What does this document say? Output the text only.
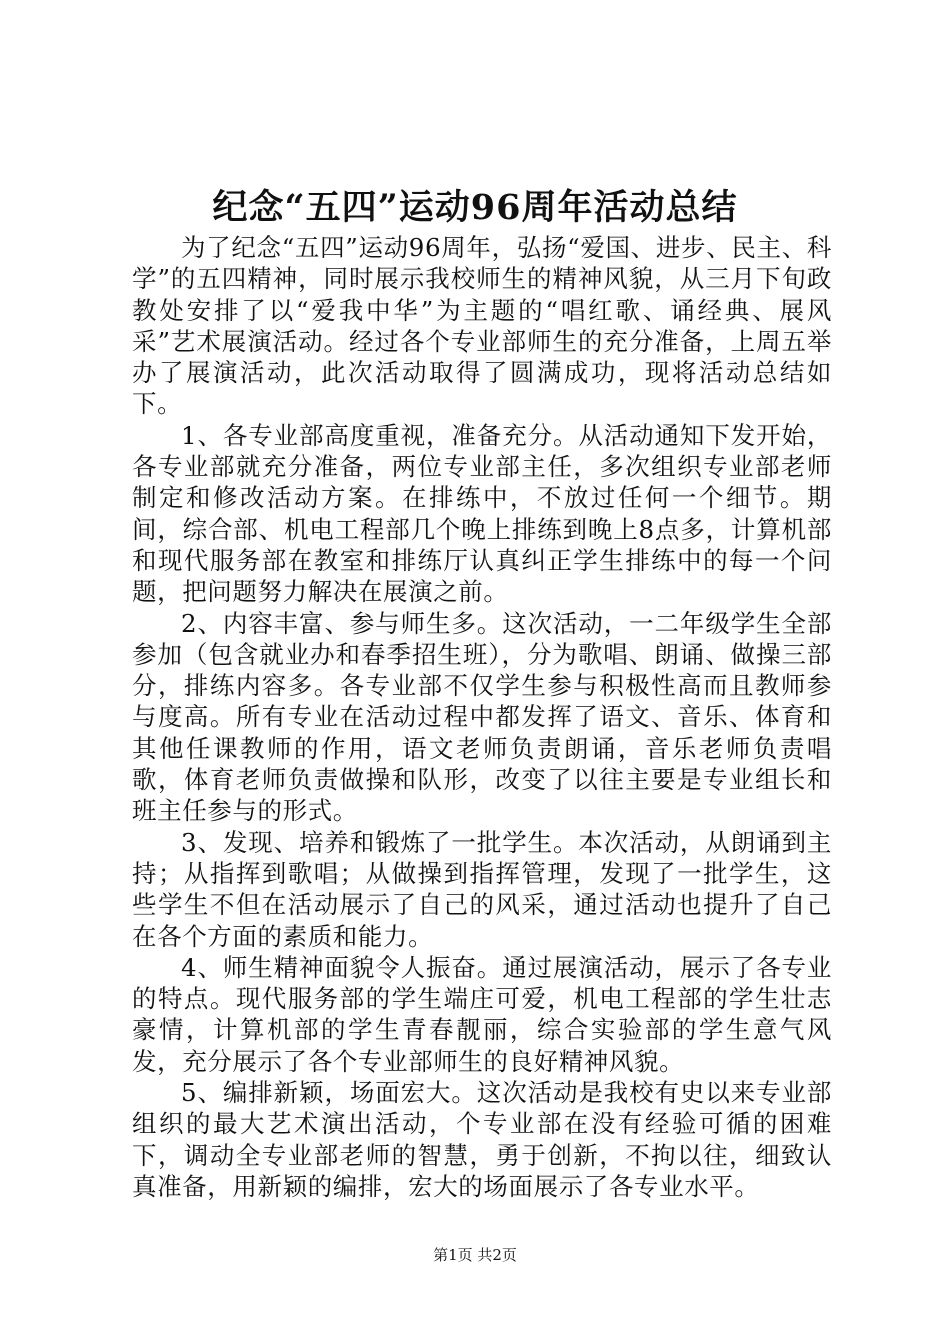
纪念“五四”运动96周年活动总结

为了纪念“五四”运动96周年，弘扬“爱国、进步、民主、科学”的五四精神，同时展示我校师生的精神风貌，从三月下旬政教处安排了以“爱我中华”为主题的“唱红歌、诵经典、展风采”艺术展演活动。经过各个专业部师生的充分准备，上周五举办了展演活动，此次活动取得了圆满成功，现将活动总结如下。

1、各专业部高度重视，准备充分。从活动通知下发开始，各专业部就充分准备，两位专业部主任，多次组织专业部老师制定和修改活动方案。在排练中，不放过任何一个细节。期间，综合部、机电工程部几个晚上排练到晚上8点多，计算机部和现代服务部在教室和排练厅认真纠正学生排练中的每一个问题，把问题努力解决在展演之前。

2、内容丰富、参与师生多。这次活动，一二年级学生全部参加（包含就业办和春季招生班），分为歌唱、朗诵、做操三部分，排练内容多。各专业部不仅学生参与积极性高而且教师参与度高。所有专业在活动过程中都发挥了语文、音乐、体育和其他任课教师的作用，语文老师负责朗诵，音乐老师负责唱歌，体育老师负责做操和队形，改变了以往主要是专业组长和班主任参与的形式。

3、发现、培养和锻炼了一批学生。本次活动，从朗诵到主持；从指挥到歌唱；从做操到指挥管理，发现了一批学生，这些学生不但在活动展示了自己的风采，通过活动也提升了自己在各个方面的素质和能力。

4、师生精神面貌令人振奋。通过展演活动，展示了各专业的特点。现代服务部的学生端庄可爱，机电工程部的学生壮志豪情，计算机部的学生青春靓丽，综合实验部的学生意气风发，充分展示了各个专业部师生的良好精神风貌。

5、编排新颖，场面宏大。这次活动是我校有史以来专业部组织的最大艺术演出活动，个专业部在没有经验可循的困难下，调动全专业部老师的智慧，勇于创新，不拘以往，细致认真准备，用新颖的编排，宏大的场面展示了各专业水平。

第1页 共2页
